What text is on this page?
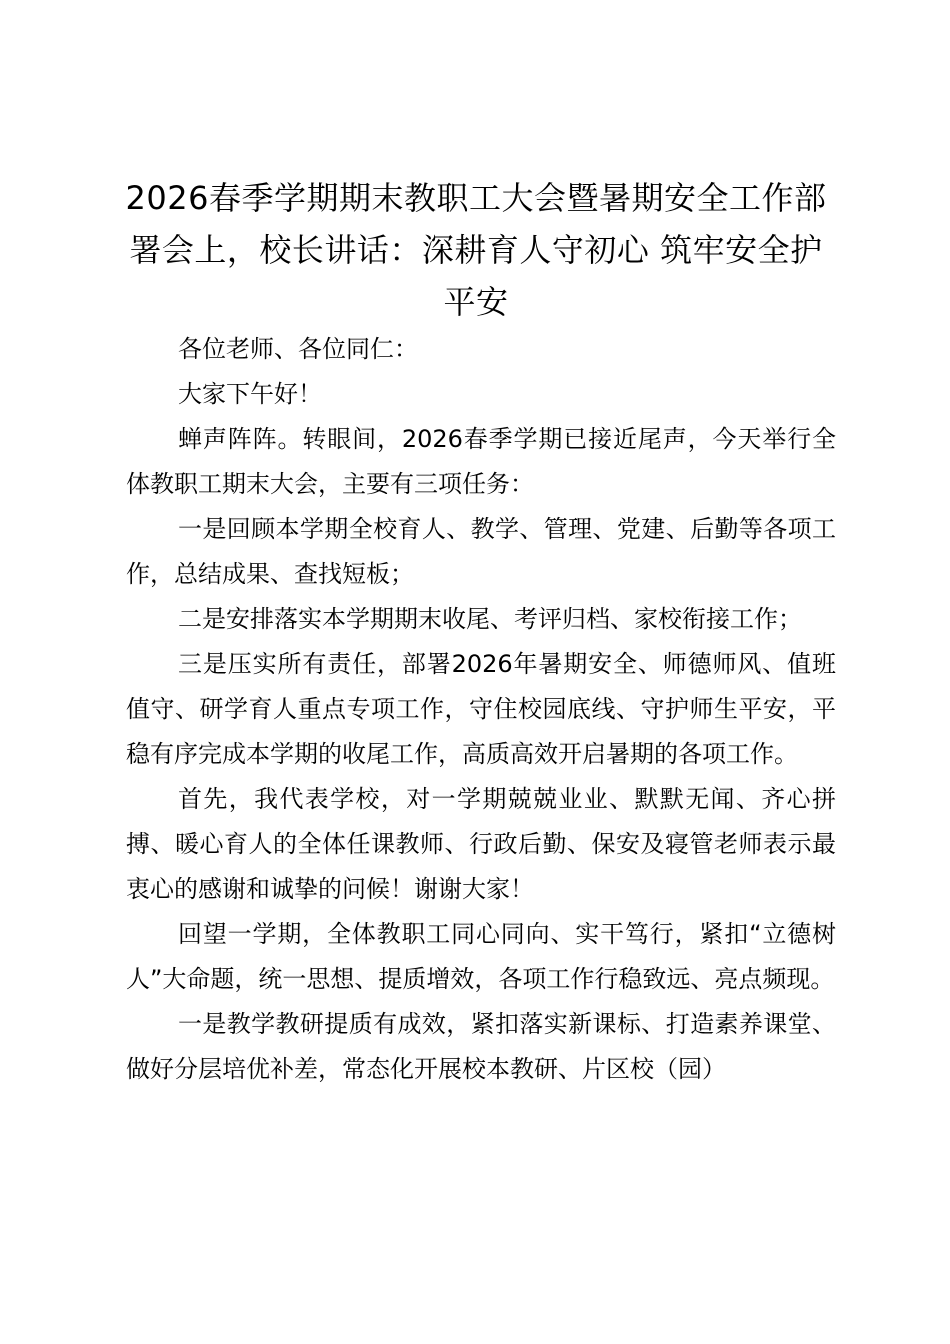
2026春季学期期末教职工大会暨暑期安全工作部署会上，校长讲话：深耕育人守初心 筑牢安全护平安

各位老师、各位同仁：

大家下午好！

蝉声阵阵。转眼间，2026春季学期已接近尾声，今天举行全体教职工期末大会，主要有三项任务：

一是回顾本学期全校育人、教学、管理、党建、后勤等各项工作，总结成果、查找短板；

二是安排落实本学期期末收尾、考评归档、家校衔接工作；

三是压实所有责任，部署2026年暑期安全、师德师风、值班值守、研学育人重点专项工作，守住校园底线、守护师生平安，平稳有序完成本学期的收尾工作，高质高效开启暑期的各项工作。

首先，我代表学校，对一学期兢兢业业、默默无闻、齐心拼搏、暖心育人的全体任课教师、行政后勤、保安及寝管老师表示最衷心的感谢和诚挚的问候！谢谢大家！

回望一学期，全体教职工同心同向、实干笃行，紧扣“立德树人”大命题，统一思想、提质增效，各项工作行稳致远、亮点频现。

一是教学教研提质有成效，紧扣落实新课标、打造素养课堂、做好分层培优补差，常态化开展校本教研、片区校（园）
